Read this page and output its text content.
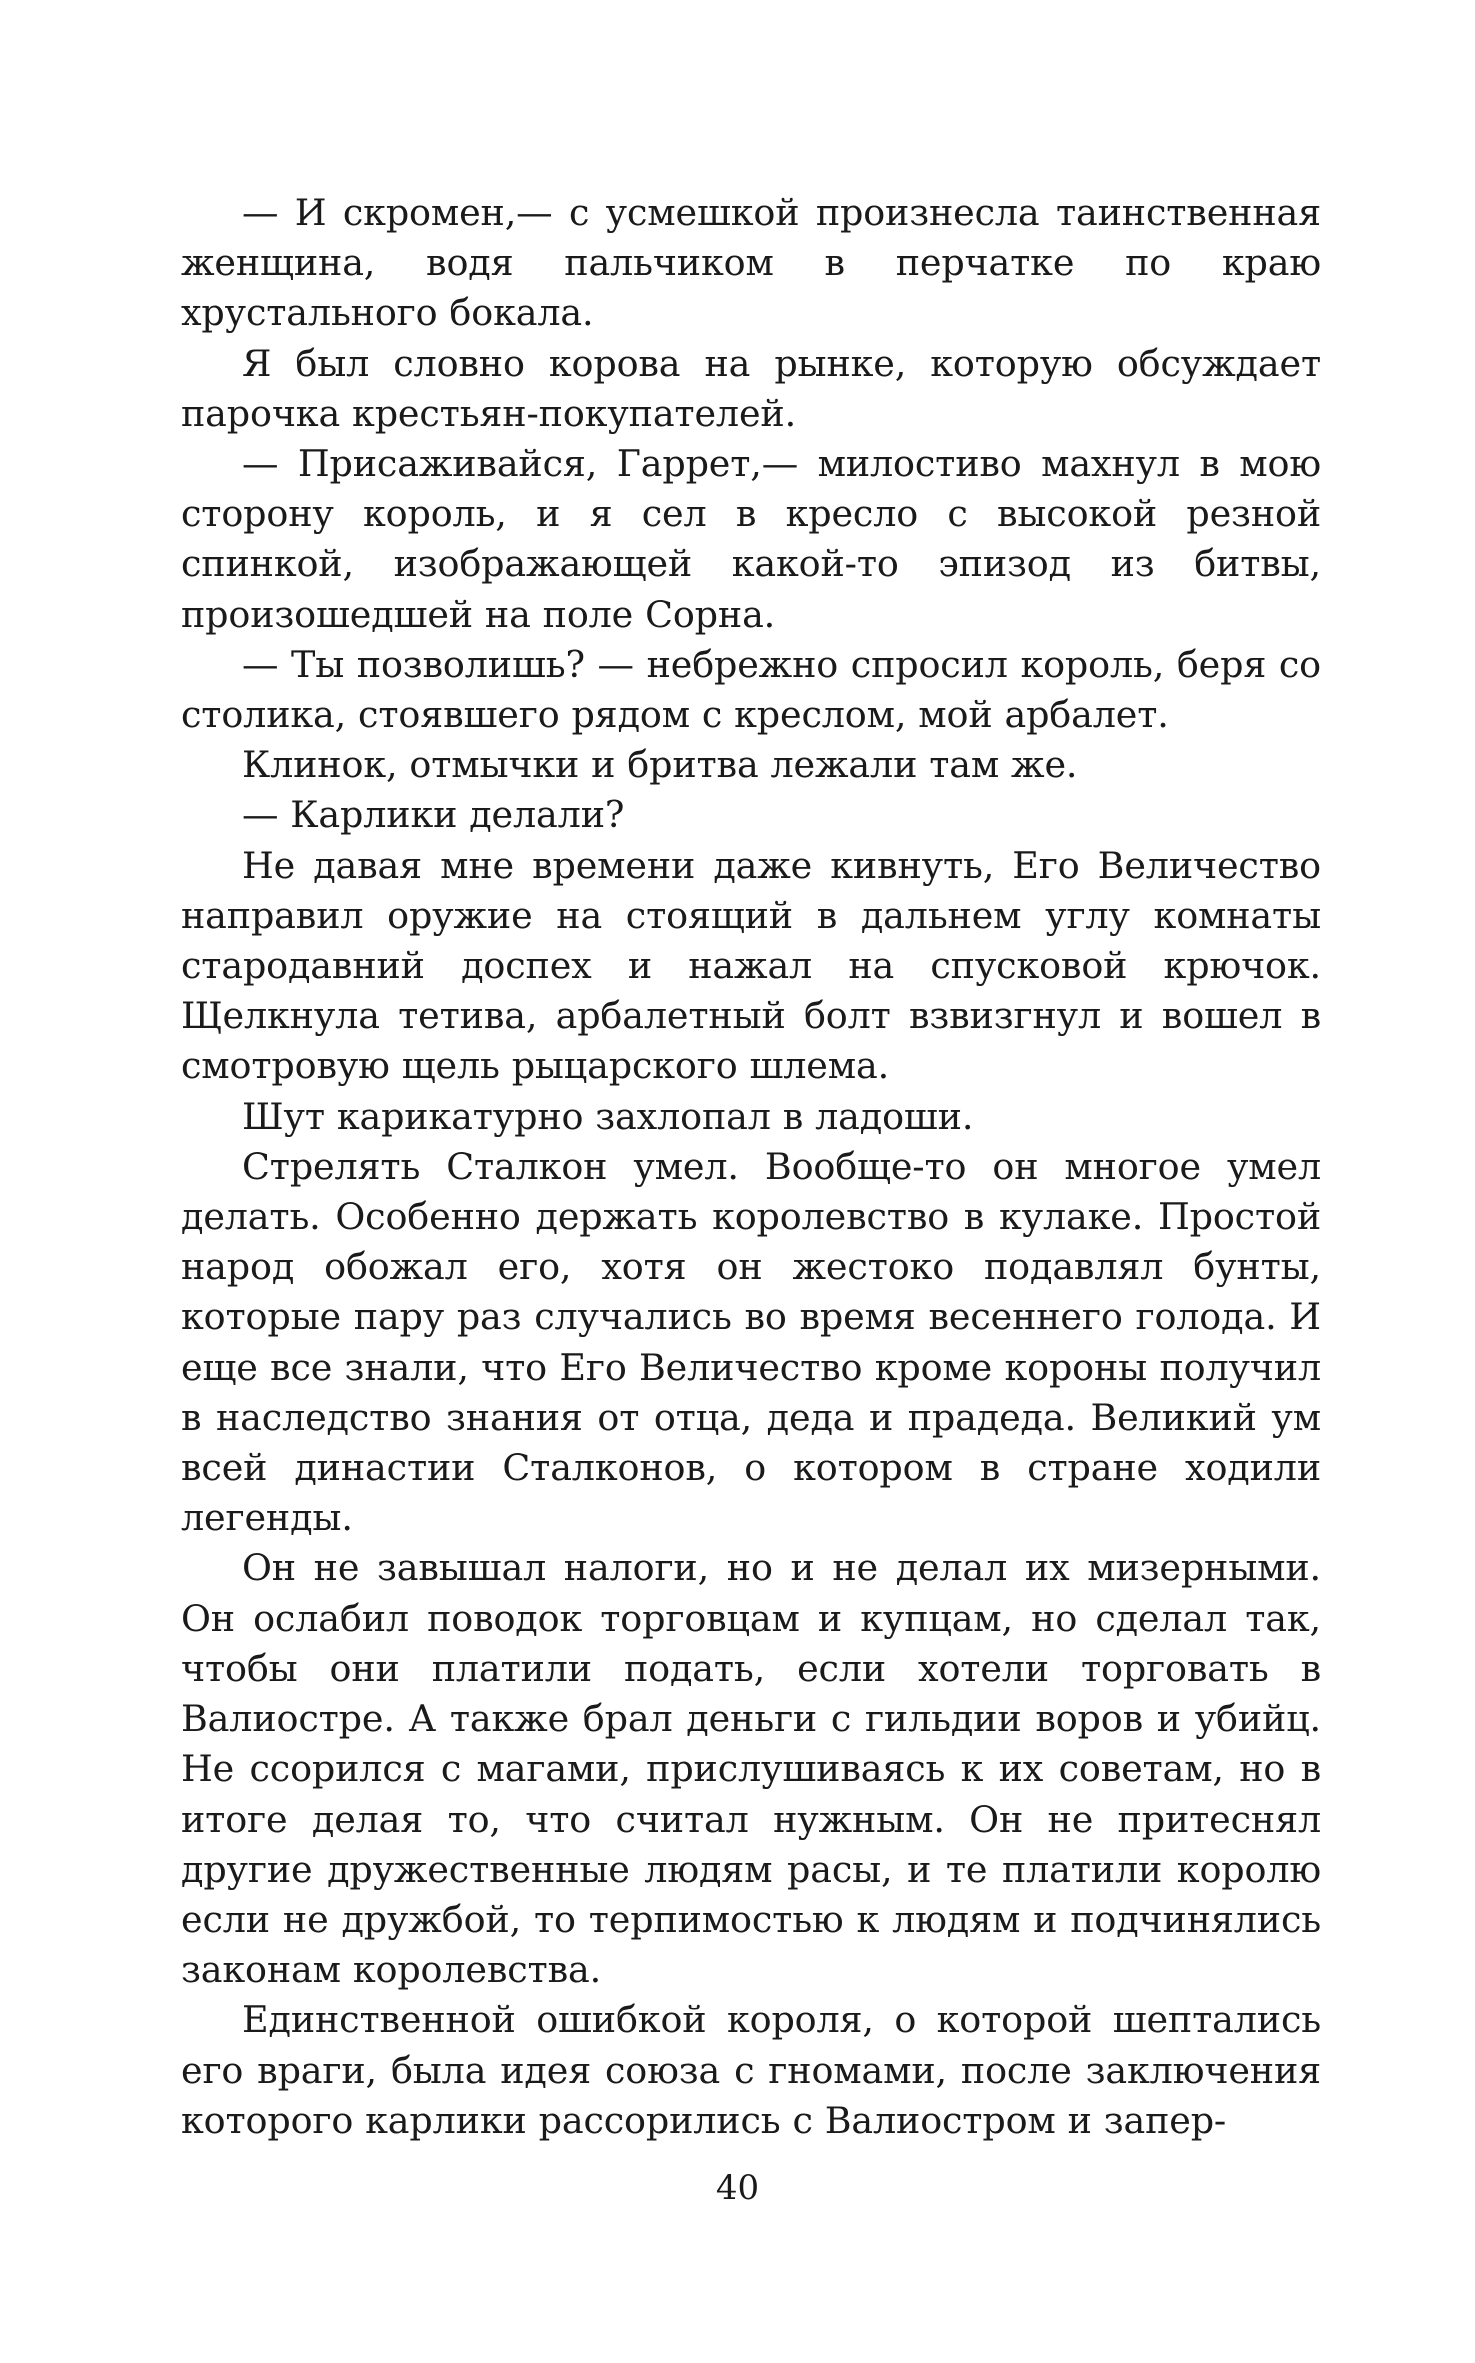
— И скромен,— с усмешкой произнесла таинственная женщина, водя пальчиком в перчатке по краю хрустального бокала.

Я был словно корова на рынке, которую обсуждает парочка крестьян-покупателей.

— Присаживайся, Гаррет,— милостиво махнул в мою сторону король, и я сел в кресло с высокой резной спинкой, изображающей какой-то эпизод из битвы, произошедшей на поле Сорна.

— Ты позволишь? — небрежно спросил король, беря со столика, стоявшего рядом с креслом, мой арбалет.

Клинок, отмычки и бритва лежали там же.

— Карлики делали?

Не давая мне времени даже кивнуть, Его Величество направил оружие на стоящий в дальнем углу комнаты стародавний доспех и нажал на спусковой крючок. Щелкнула тетива, арбалетный болт взвизгнул и вошел в смотровую щель рыцарского шлема.

Шут карикатурно захлопал в ладоши.

Стрелять Сталкон умел. Вообще-то он многое умел делать. Особенно держать королевство в кулаке. Простой народ обожал его, хотя он жестоко подавлял бунты, которые пару раз случались во время весеннего голода. И еще все знали, что Его Величество кроме короны получил в наследство знания от отца, деда и прадеда. Великий ум всей династии Сталконов, о котором в стране ходили легенды.

Он не завышал налоги, но и не делал их мизерными. Он ослабил поводок торговцам и купцам, но сделал так, чтобы они платили подать, если хотели торговать в Валиостре. А также брал деньги с гильдии воров и убийц. Не ссорился с магами, прислушиваясь к их советам, но в итоге делая то, что считал нужным. Он не притеснял другие дружественные людям расы, и те платили королю если не дружбой, то терпимостью к людям и подчинялись законам королевства.

Единственной ошибкой короля, о которой шептались его враги, была идея союза с гномами, после заключения которого карлики рассорились с Валиостром и запер-

40
